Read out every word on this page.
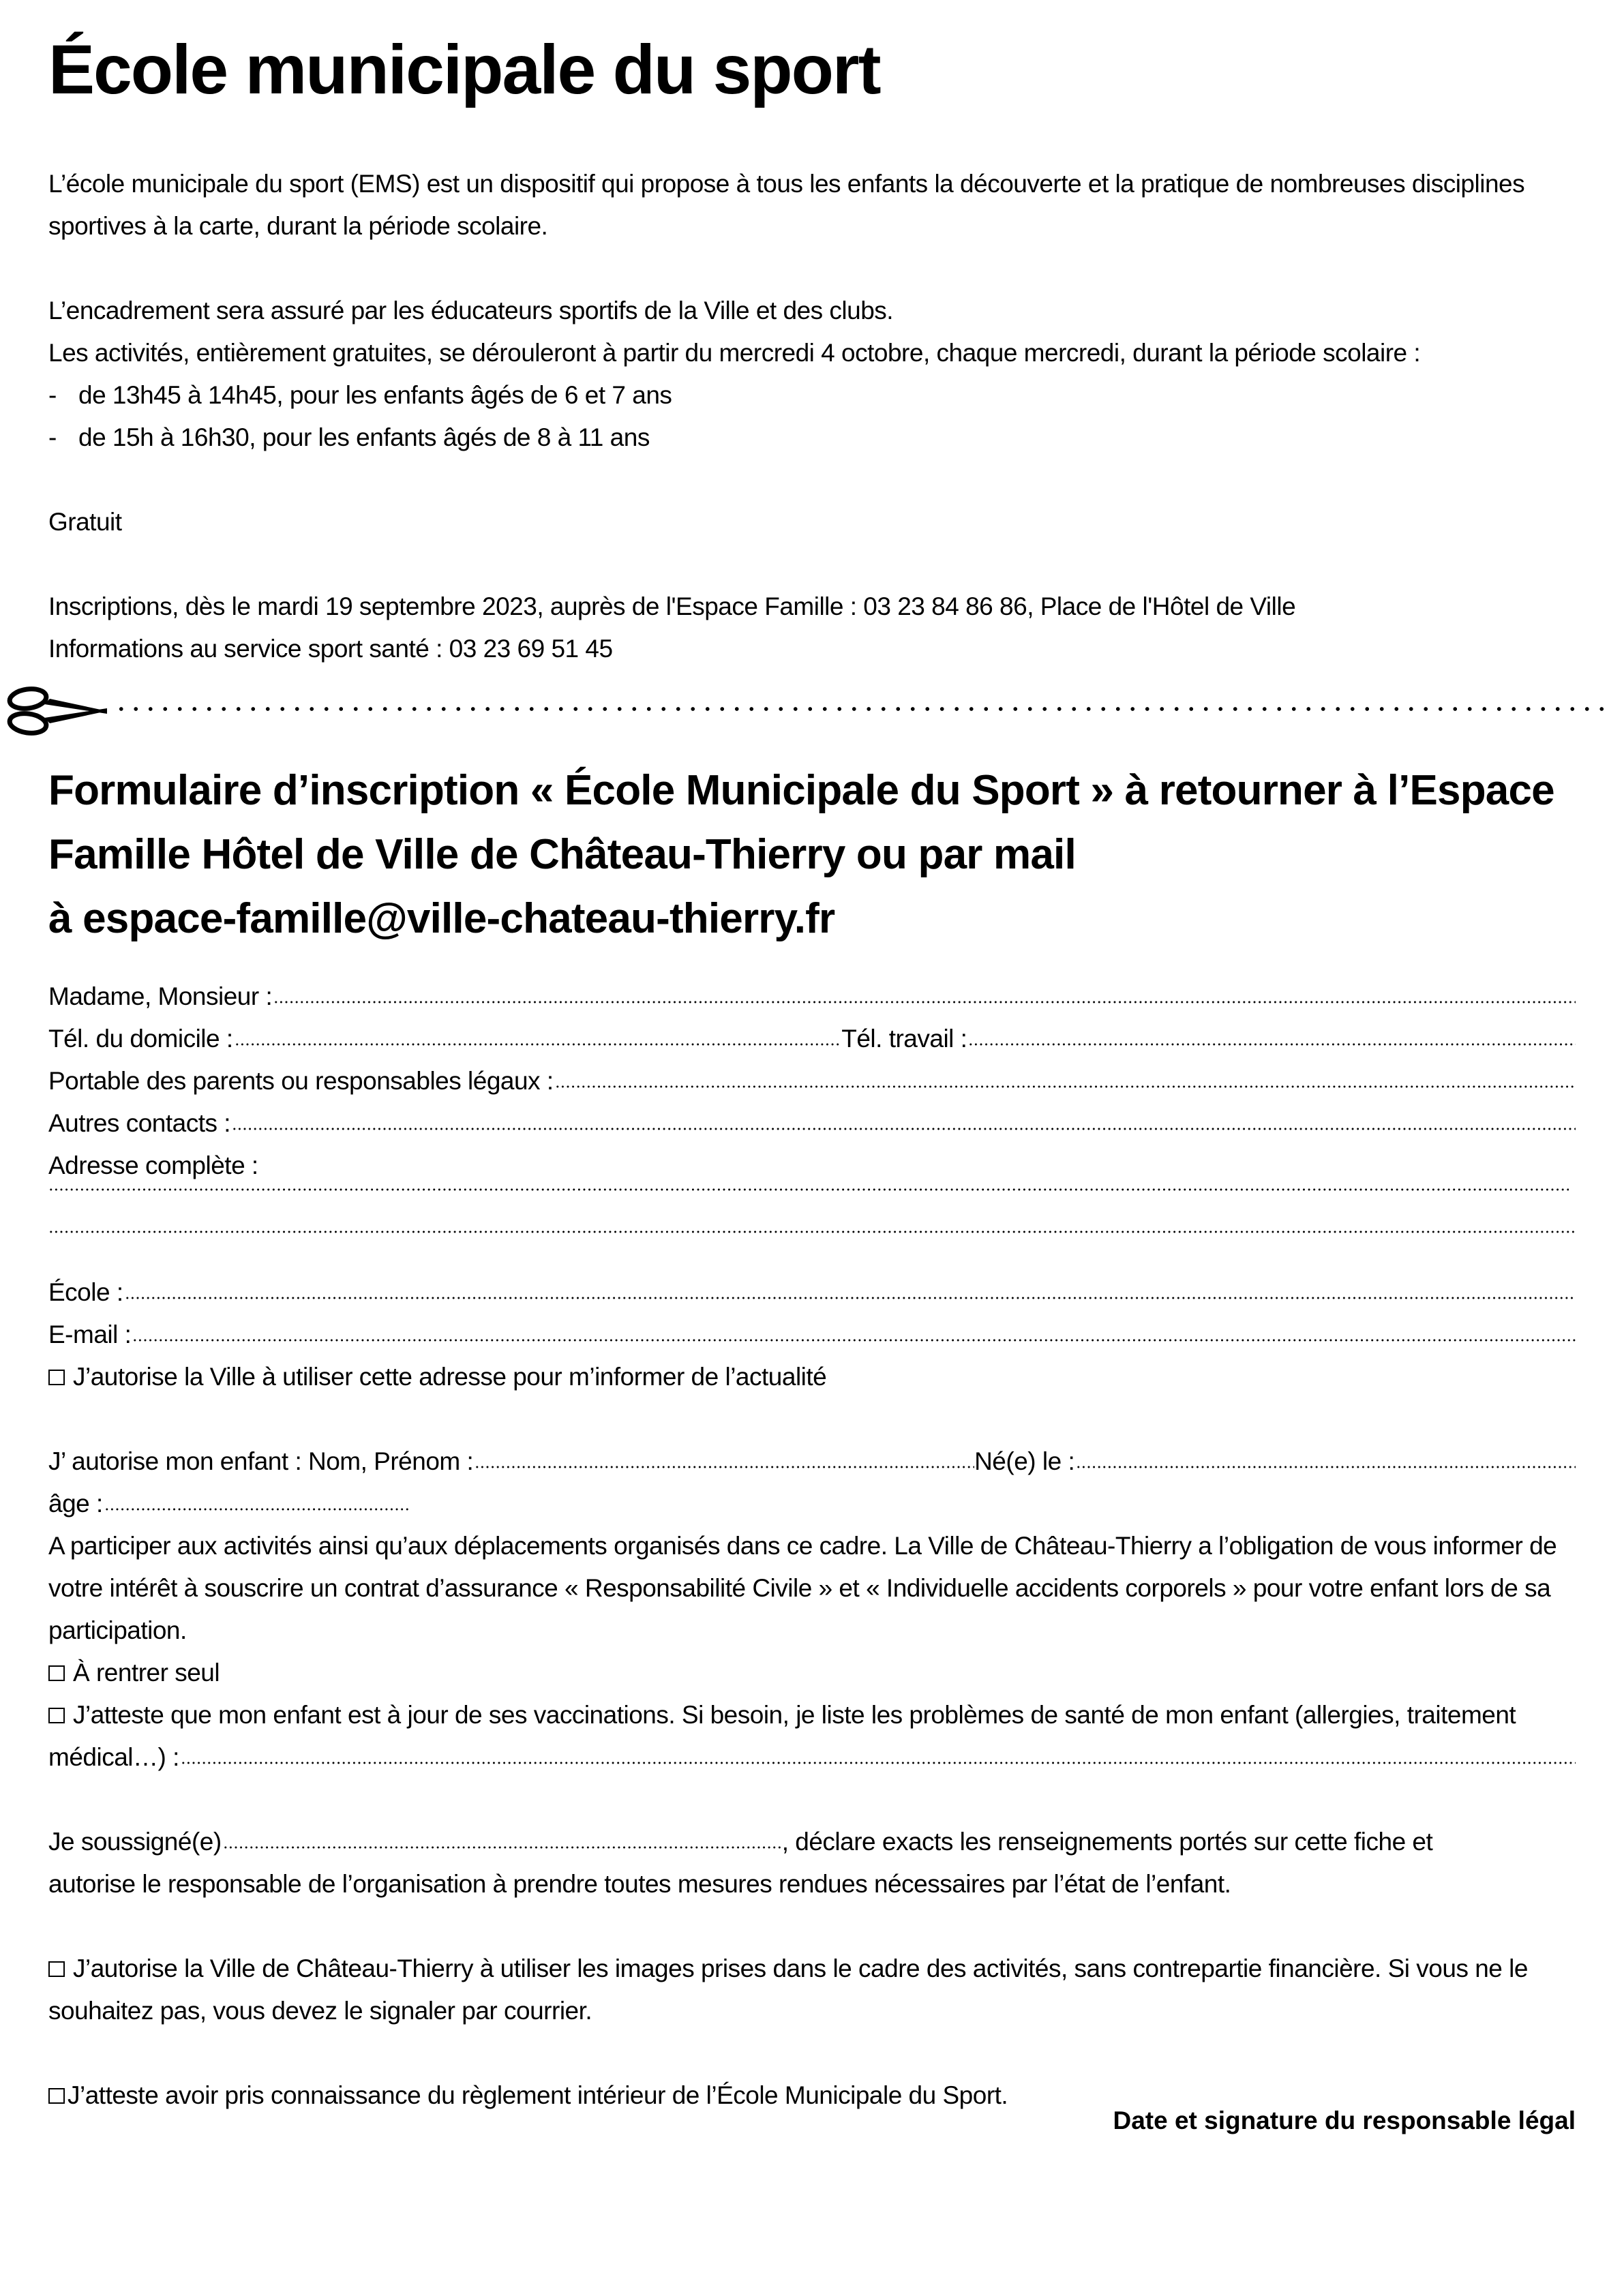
École municipale du sport

L’école municipale du sport (EMS) est un dispositif qui propose à tous les enfants la découverte et la pratique de nombreuses disciplines

sportives à la carte, durant la période scolaire.

L’encadrement sera assuré par les éducateurs sportifs de la Ville et des clubs.

Les activités, entièrement gratuites, se dérouleront à partir du mercredi 4 octobre, chaque mercredi, durant la période scolaire :

- de 13h45 à 14h45, pour les enfants âgés de 6 et 7 ans
- de 15h à 16h30, pour les enfants âgés de 8 à 11 ans

Gratuit

Inscriptions, dès le mardi 19 septembre 2023, auprès de l'Espace Famille : 03 23 84 86 86, Place de l'Hôtel de Ville

Informations au service sport santé : 03 23 69 51 45

Formulaire d’inscription « École Municipale du Sport » à retourner à l’Espace
Famille Hôtel de Ville de Château-Thierry ou par mail
à espace-famille@ville-chateau-thierry.fr
Madame, Monsieur :
Tél. du domicile :	Tél. travail :
Portable des parents ou responsables légaux :
Autres contacts :
Adresse complète :
École :
E-mail :
J’autorise la Ville à utiliser cette adresse pour m’informer de l’actualité
J’ autorise mon enfant : Nom, Prénom :	Né(e) le :
âge :

A participer aux activités ainsi qu’aux déplacements organisés dans ce cadre. La Ville de Château-Thierry a l’obligation de vous informer de

votre intérêt à souscrire un contrat d’assurance « Responsabilité Civile » et « Individuelle accidents corporels » pour votre enfant lors de sa

participation.

À rentrer seul
J’atteste que mon enfant est à jour de ses vaccinations. Si besoin, je liste les problèmes de santé de mon enfant (allergies, traitement
médical…) :
Je soussigné(e)	, déclare exacts les renseignements portés sur cette fiche et

autorise le responsable de l’organisation à prendre toutes mesures rendues nécessaires par l’état de l’enfant.

J’autorise la Ville de Château-Thierry à utiliser les images prises dans le cadre des activités, sans contrepartie financière. Si vous ne le

souhaitez pas, vous devez le signaler par courrier.

J’atteste avoir pris connaissance du règlement intérieur de l’École Municipale du Sport.
Date et signature du responsable légal
